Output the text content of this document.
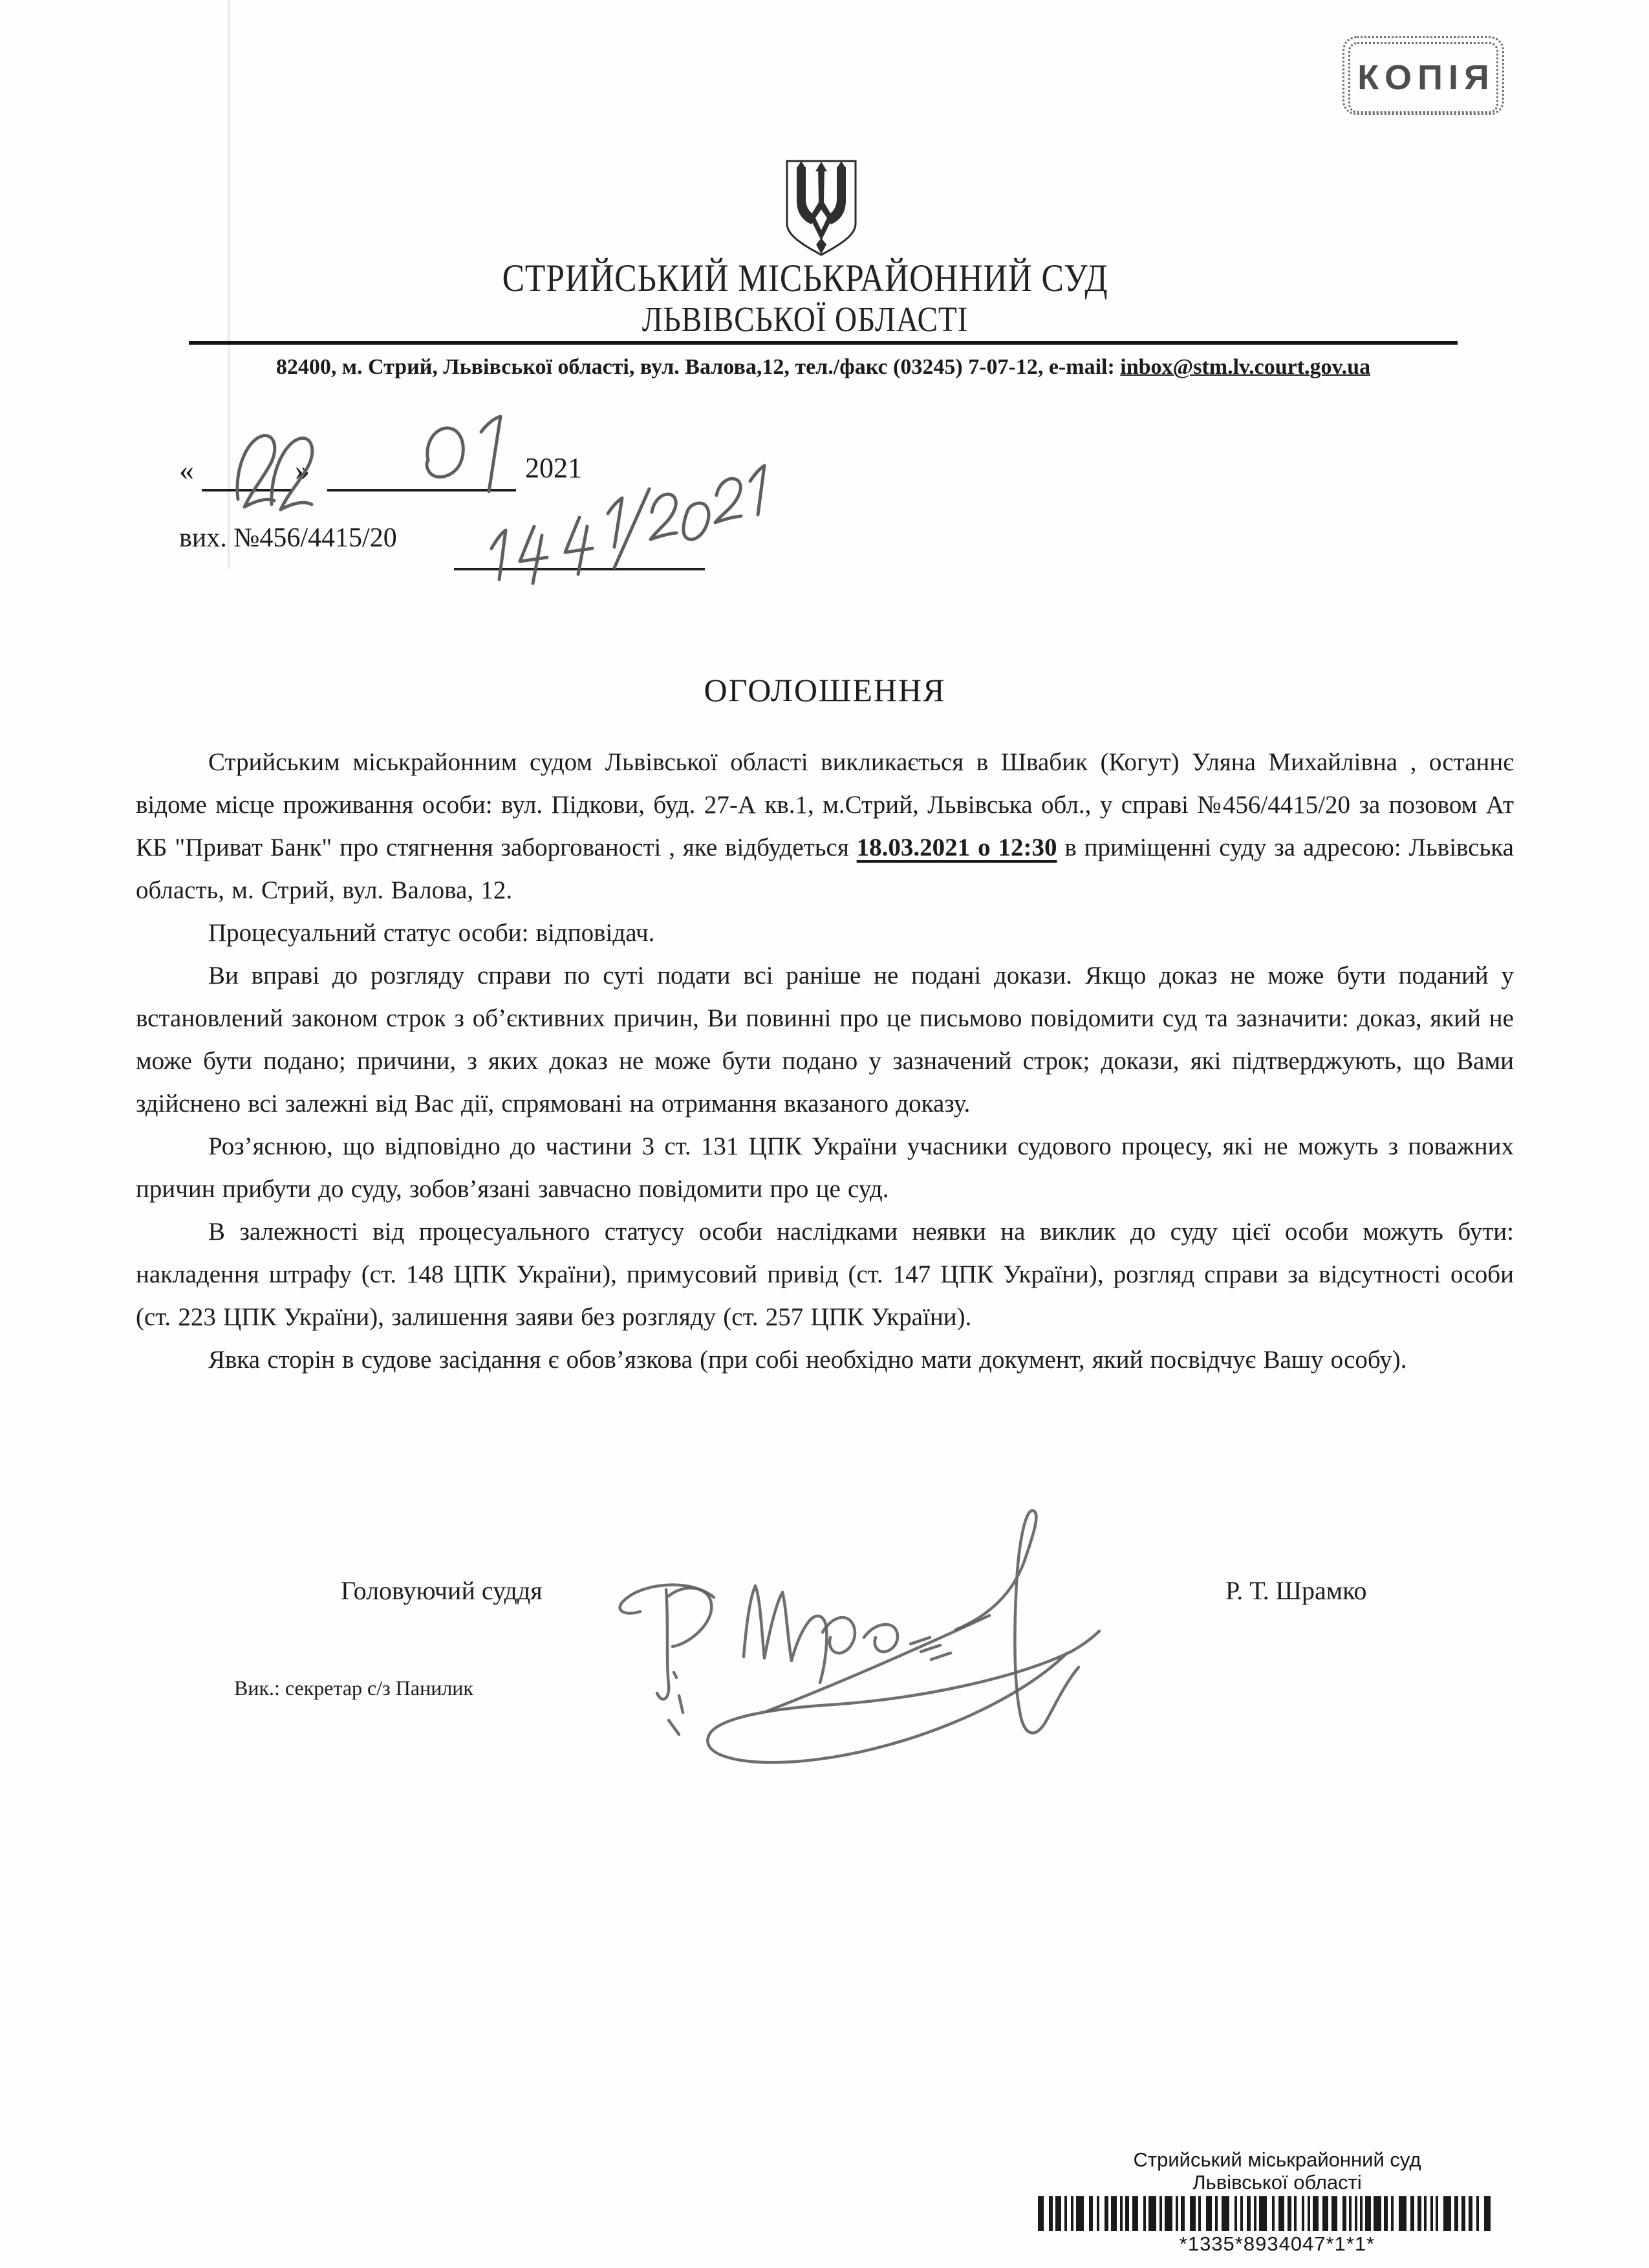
КОПІЯ
СТРИЙСЬКИЙ МІСЬКРАЙОННИЙ СУД
ЛЬВІВСЬКОЇ ОБЛАСТІ
82400, м. Стрий, Львівської області, вул. Валова,12, тел./факс (03245) 7-07-12, e-mail: inbox@stm.lv.court.gov.ua
«	»	2021
вих. №456/4415/20
ОГОЛОШЕННЯ

Стрийським міськрайонним судом Львівської області викликається в Швабик (Когут) Уляна Михайлівна , останнє відоме місце проживання особи: вул. Підкови, буд. 27-А кв.1, м.Стрий, Львівська обл., у справі №456/4415/20 за позовом Ат КБ "Приват Банк" про стягнення заборгованості , яке відбудеться 18.03.2021 о 12:30 в приміщенні суду за адресою: Львівська область, м. Стрий, вул. Валова, 12.

Процесуальний статус особи: відповідач.

Ви вправі до розгляду справи по суті подати всі раніше не подані докази. Якщо доказ не може бути поданий у встановлений законом строк з об’єктивних причин, Ви повинні про це письмово повідомити суд та зазначити: доказ, який не може бути подано; причини, з яких доказ не може бути подано у зазначений строк; докази, які підтверджують, що Вами здійснено всі залежні від Вас дії, спрямовані на отримання вказаного доказу.

Роз’яснюю, що відповідно до частини 3 ст. 131 ЦПК України учасники судового процесу, які не можуть з поважних причин прибути до суду, зобов’язані завчасно повідомити про це суд.

В залежності від процесуального статусу особи наслідками неявки на виклик до суду цієї особи можуть бути: накладення штрафу (ст. 148 ЦПК України), примусовий привід (ст. 147 ЦПК України), розгляд справи за відсутності особи (ст. 223 ЦПК України), залишення заяви без розгляду (ст. 257 ЦПК України).

Явка сторін в судове засідання є обов’язкова (при собі необхідно мати документ, який посвідчує Вашу особу).

Головуючий суддя	Р. Т. Шрамко
Вик.: секретар с/з Панилик
Стрийський міськрайонний суд
Львівської області
*1335*8934047*1*1*
